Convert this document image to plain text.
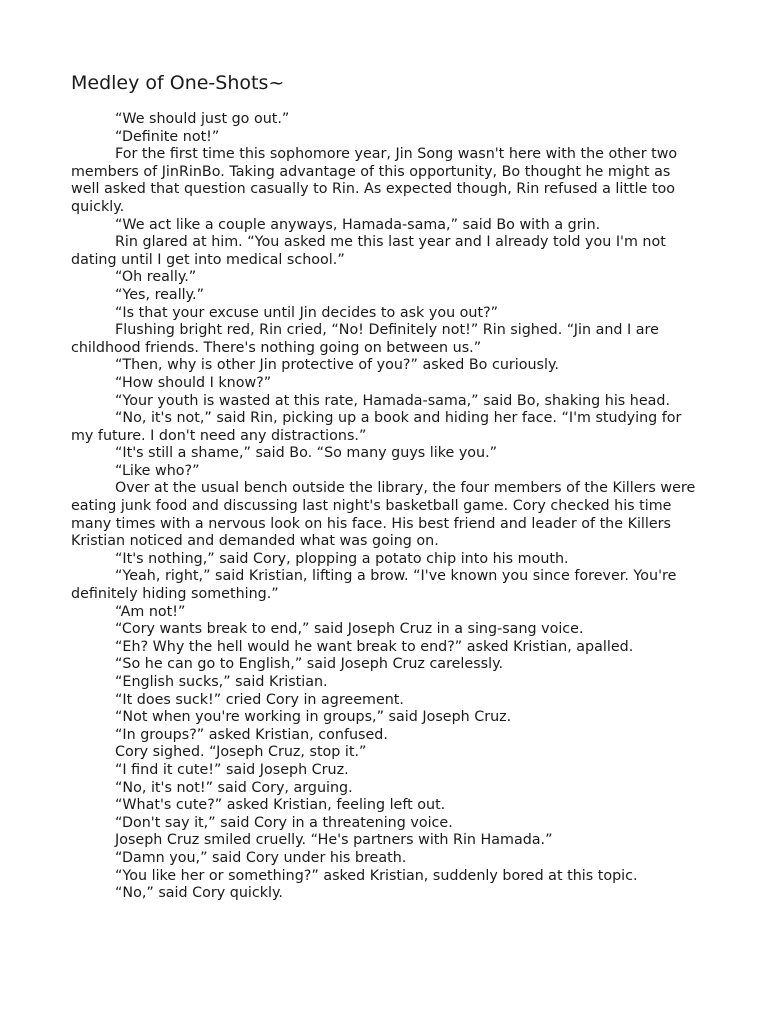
Medley of One-Shots~

“We should just go out.”

“Definite not!”

For the first time this sophomore year, Jin Song wasn't here with the other two members of JinRinBo. Taking advantage of this opportunity, Bo thought he might as well asked that question casually to Rin. As expected though, Rin refused a little too quickly.

“We act like a couple anyways, Hamada-sama,” said Bo with a grin.

Rin glared at him. “You asked me this last year and I already told you I'm not dating until I get into medical school.”

“Oh really.”

“Yes, really.”

“Is that your excuse until Jin decides to ask you out?”

Flushing bright red, Rin cried, “No! Definitely not!” Rin sighed. “Jin and I are childhood friends. There's nothing going on between us.”

“Then, why is other Jin protective of you?” asked Bo curiously.

“How should I know?”

“Your youth is wasted at this rate, Hamada-sama,” said Bo, shaking his head.

“No, it's not,” said Rin, picking up a book and hiding her face. “I'm studying for my future. I don't need any distractions.”

“It's still a shame,” said Bo. “So many guys like you.”

“Like who?”

Over at the usual bench outside the library, the four members of the Killers were eating junk food and discussing last night's basketball game. Cory checked his time many times with a nervous look on his face. His best friend and leader of the Killers Kristian noticed and demanded what was going on.

“It's nothing,” said Cory, plopping a potato chip into his mouth.

“Yeah, right,” said Kristian, lifting a brow. “I've known you since forever. You're definitely hiding something.”

“Am not!”

“Cory wants break to end,” said Joseph Cruz in a sing-sang voice.

“Eh? Why the hell would he want break to end?” asked Kristian, apalled.

“So he can go to English,” said Joseph Cruz carelessly.

“English sucks,” said Kristian.

“It does suck!” cried Cory in agreement.

“Not when you're working in groups,” said Joseph Cruz.

“In groups?” asked Kristian, confused.

Cory sighed. “Joseph Cruz, stop it.”

“I find it cute!” said Joseph Cruz.

“No, it's not!” said Cory, arguing.

“What's cute?” asked Kristian, feeling left out.

“Don't say it,” said Cory in a threatening voice.

Joseph Cruz smiled cruelly. “He's partners with Rin Hamada.”

“Damn you,” said Cory under his breath.

“You like her or something?” asked Kristian, suddenly bored at this topic.

“No,” said Cory quickly.
